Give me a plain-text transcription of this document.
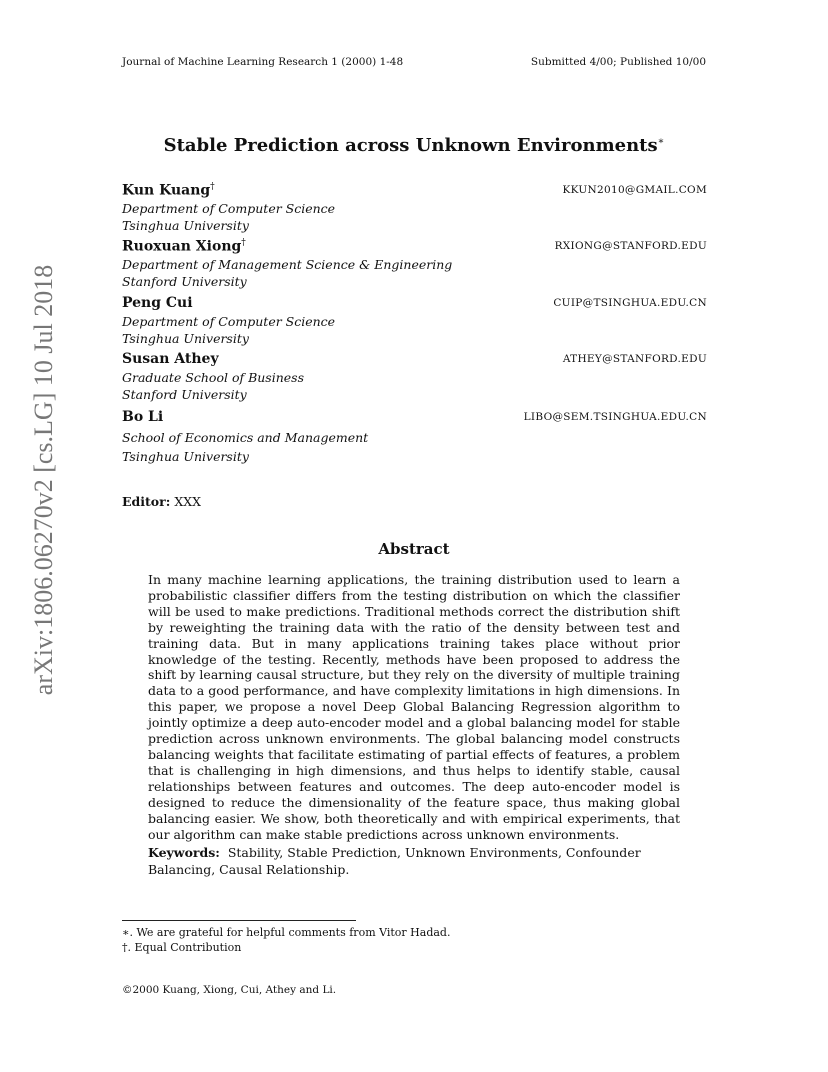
arXiv:1806.06270v2 [cs.LG] 10 Jul 2018
Journal of Machine Learning Research 1 (2000) 1-48	Submitted 4/00; Published 10/00
Stable Prediction across Unknown Environments∗
Kun Kuang†	KKUN2010@GMAIL.COM
Department of Computer Science
Tsinghua University
Ruoxuan Xiong†	RXIONG@STANFORD.EDU
Department of Management Science & Engineering
Stanford University
Peng Cui	CUIP@TSINGHUA.EDU.CN
Department of Computer Science
Tsinghua University
Susan Athey	ATHEY@STANFORD.EDU
Graduate School of Business
Stanford University
Bo Li	LIBO@SEM.TSINGHUA.EDU.CN
School of Economics and Management
Tsinghua University
Editor: XXX
Abstract
In many machine learning applications, the training distribution used to learn a probabilistic classifier differs from the testing distribution on which the classifier will be used to make predictions. Traditional methods correct the distribution shift by reweighting the training data with the ratio of the density between test and training data. But in many applications training takes place without prior knowledge of the testing. Recently, methods have been proposed to address the shift by learning causal structure, but they rely on the diversity of multiple training data to a good performance, and have complexity limitations in high dimensions. In this paper, we propose a novel Deep Global Balancing Regression algorithm to jointly optimize a deep auto-encoder model and a global balancing model for stable prediction across unknown environments. The global balancing model constructs balancing weights that facilitate estimating of partial effects of features, a problem that is challenging in high dimensions, and thus helps to identify stable, causal relationships between features and outcomes. The deep auto-encoder model is designed to reduce the dimensionality of the feature space, thus making global balancing easier. We show, both theoretically and with empirical experiments, that our algorithm can make stable predictions across unknown environments.
Keywords: Stability, Stable Prediction, Unknown Environments, Confounder Balancing, Causal Relationship.
∗. We are grateful for helpful comments from Vitor Hadad.
†. Equal Contribution
©2000 Kuang, Xiong, Cui, Athey and Li.
